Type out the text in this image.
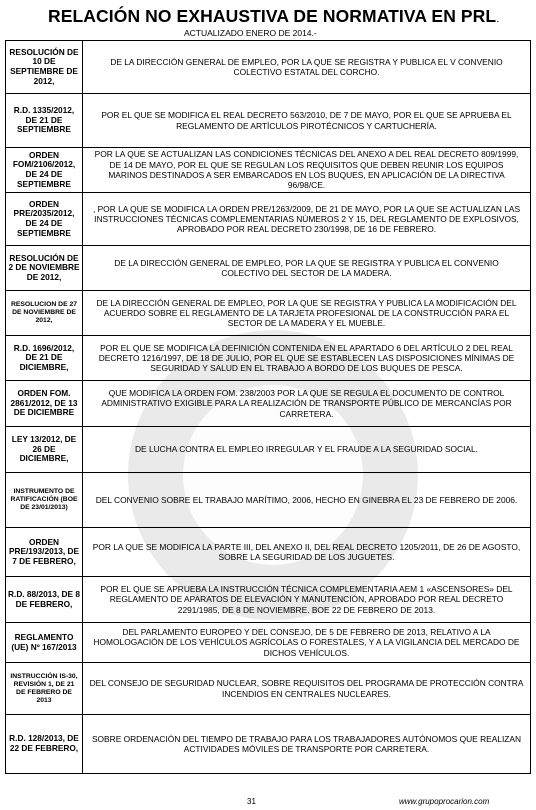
RELACIÓN NO EXHAUSTIVA DE NORMATIVA EN PRL.
ACTUALIZADO ENERO DE 2014.-
RESOLUCIÓN DE 10 DE SEPTIEMBRE DE 2012,	DE LA DIRECCIÓN GENERAL DE EMPLEO, POR LA QUE SE REGISTRA Y PUBLICA EL V CONVENIO COLECTIVO ESTATAL DEL CORCHO.
R.D. 1335/2012, DE 21 DE SEPTIEMBRE	POR EL QUE SE MODIFICA EL REAL DECRETO 563/2010, DE 7 DE MAYO, POR EL QUE SE APRUEBA EL REGLAMENTO DE ARTÍCULOS PIROTÉCNICOS Y CARTUCHERÍA.
ORDEN FOM/2106/2012, DE 24 DE SEPTIEMBRE	POR LA QUE SE ACTUALIZAN LAS CONDICIONES TÉCNICAS DEL ANEXO A DEL REAL DECRETO 809/1999, DE 14 DE MAYO, POR EL QUE SE REGULAN LOS REQUISITOS QUE DEBEN REUNIR LOS EQUIPOS MARINOS DESTINADOS A SER EMBARCADOS EN LOS BUQUES, EN APLICACIÓN DE LA DIRECTIVA 96/98/CE.
ORDEN PRE/2035/2012, DE 24 DE SEPTIEMBRE	, POR LA QUE SE MODIFICA LA ORDEN PRE/1263/2009, DE 21 DE MAYO, POR LA QUE SE ACTUALIZAN LAS INSTRUCCIONES TÉCNICAS COMPLEMENTARIAS NÚMEROS 2 Y 15, DEL REGLAMENTO DE EXPLOSIVOS, APROBADO POR REAL DECRETO 230/1998, DE 16 DE FEBRERO.
RESOLUCIÓN DE 2 DE NOVIEMBRE DE 2012,	DE LA DIRECCIÓN GENERAL DE EMPLEO, POR LA QUE SE REGISTRA Y PUBLICA EL CONVENIO COLECTIVO DEL SECTOR DE LA MADERA.
RESOLUCION DE 27 DE NOVIEMBRE DE 2012,	DE LA DIRECCIÓN GENERAL DE EMPLEO, POR LA QUE SE REGISTRA Y PUBLICA LA MODIFICACIÓN DEL ACUERDO SOBRE EL REGLAMENTO DE LA TARJETA PROFESIONAL DE LA CONSTRUCCIÓN PARA EL SECTOR DE LA MADERA Y EL MUEBLE.
R.D. 1696/2012, DE 21 DE DICIEMBRE,	POR EL QUE SE MODIFICA LA DEFINICIÓN CONTENIDA EN EL APARTADO 6 DEL ARTÍCULO 2 DEL REAL DECRETO 1216/1997, DE 18 DE JULIO, POR EL QUE SE ESTABLECEN LAS DISPOSICIONES MÍNIMAS DE SEGURIDAD Y SALUD EN EL TRABAJO A BORDO DE LOS BUQUES DE PESCA.
ORDEN FOM. 2861/2012, DE 13 DE DICIEMBRE	QUE MODIFICA LA ORDEN FOM. 238/2003 POR LA QUE SE REGULA EL DOCUMENTO DE CONTROL ADMINISTRATIVO EXIGIBLE PARA LA REALIZACIÓN DE TRANSPORTE PÚBLICO DE MERCANCÍAS POR CARRETERA.
LEY 13/2012, DE 26 DE DICIEMBRE,	DE LUCHA CONTRA EL EMPLEO IRREGULAR Y EL FRAUDE A LA SEGURIDAD SOCIAL.
INSTRUMENTO DE RATIFICACIÓN (BOE DE 23/01/2013)	DEL CONVENIO SOBRE EL TRABAJO MARÍTIMO, 2006, HECHO EN GINEBRA EL 23 DE FEBRERO DE 2006.
ORDEN PRE/193/2013, DE 7 DE FEBRERO,	POR LA QUE SE MODIFICA LA PARTE III, DEL ANEXO II, DEL REAL DECRETO 1205/2011, DE 26 DE AGOSTO, SOBRE LA SEGURIDAD DE LOS JUGUETES.
R.D. 88/2013, DE 8 DE FEBRERO,	POR EL QUE SE APRUEBA LA INSTRUCCIÓN TÉCNICA COMPLEMENTARIA AEM 1 «ASCENSORES» DEL REGLAMENTO DE APARATOS DE ELEVACIÓN Y MANUTENCIÓN, APROBADO POR REAL DECRETO 2291/1985, DE 8 DE NOVIEMBRE. BOE 22 DE FEBRERO DE 2013.
REGLAMENTO (UE) Nº 167/2013	DEL PARLAMENTO EUROPEO Y DEL CONSEJO, DE 5 DE FEBRERO DE 2013, RELATIVO A LA HOMOLOGACIÓN DE LOS VEHÍCULOS AGRÍCOLAS O FORESTALES, Y A LA VIGILANCIA DEL MERCADO DE DICHOS VEHÍCULOS.
INSTRUCCIÓN IS-30, REVISIÓN 1, DE 21 DE FEBRERO DE 2013	DEL CONSEJO DE SEGURIDAD NUCLEAR, SOBRE REQUISITOS DEL PROGRAMA DE PROTECCIÓN CONTRA INCENDIOS EN CENTRALES NUCLEARES.
R.D. 128/2013, DE 22 DE FEBRERO,	SOBRE ORDENACIÓN DEL TIEMPO DE TRABAJO PARA LOS TRABAJADORES AUTÓNOMOS QUE REALIZAN ACTIVIDADES MÓVILES DE TRANSPORTE POR CARRETERA.
31	www.grupoprocarion.com
